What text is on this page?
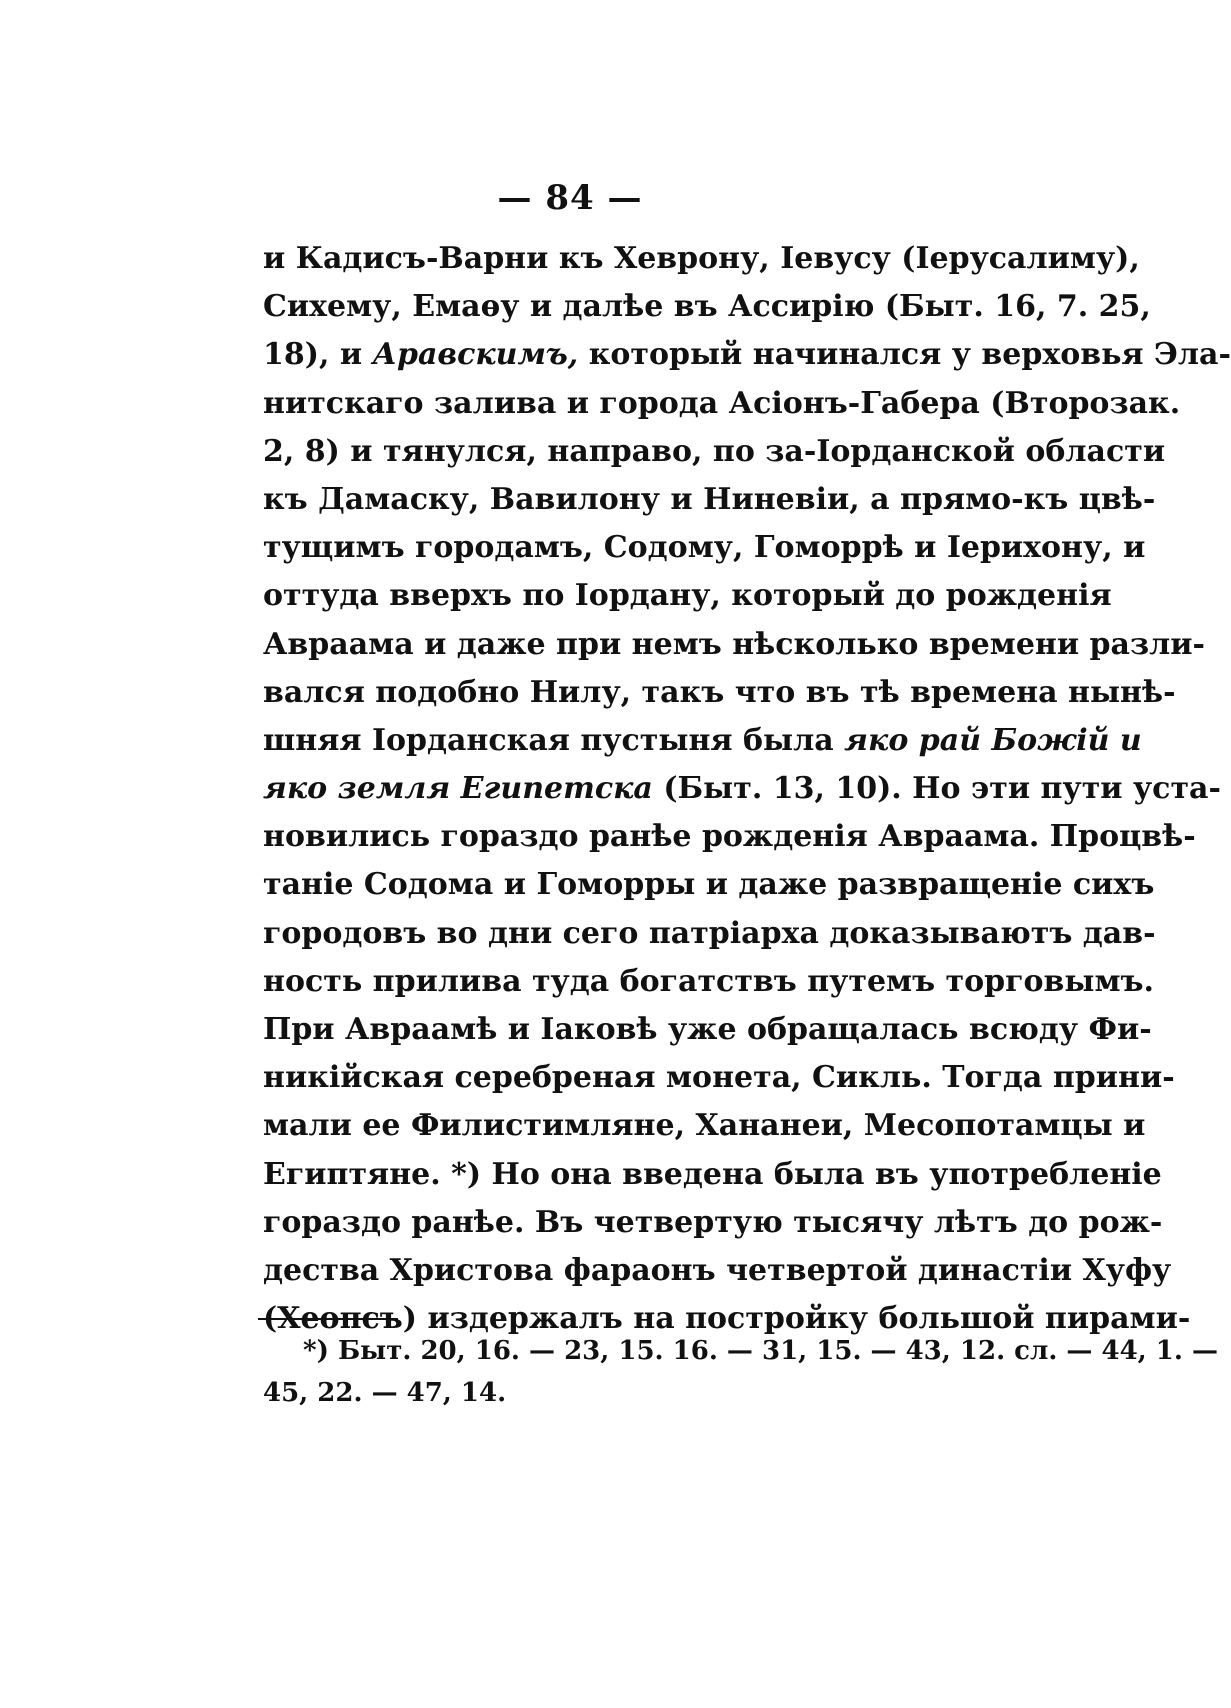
— 84 —
и Кадисъ-Варни къ Хеврону, Іевусу (Іерусалиму),
Сихему, Емаѳу и далѣе въ Ассирію (Быт. 16, 7. 25,
18), и Аравскимъ, который начинался у верховья Эла-
нитскаго залива и города Асіонъ-Габера (Второзак.
2, 8) и тянулся, направо, по за-Іорданской области
къ Дамаску, Вавилону и Ниневіи, а прямо-къ цвѣ-
тущимъ городамъ, Содому, Гоморрѣ и Іерихону, и
оттуда вверхъ по Іордану, который до рожденія
Авраама и даже при немъ нѣсколько времени разли-
вался подобно Нилу, такъ что въ тѣ времена нынѣ-
шняя Іорданская пустыня была яко рай Божій и
яко земля Египетска (Быт. 13, 10). Но эти пути уста-
новились гораздо ранѣе рожденія Авраама. Процвѣ-
таніе Содома и Гоморры и даже развращеніе сихъ
городовъ во дни сего патріарха доказываютъ дав-
ность прилива туда богатствъ путемъ торговымъ.
При Авраамѣ и Іаковѣ уже обращалась всюду Фи-
никійская серебреная монета, Сикль. Тогда прини-
мали ее Филистимляне, Хананеи, Месопотамцы и
Египтяне. *) Но она введена была въ употребленіе
гораздо ранѣе. Въ четвертую тысячу лѣтъ до рож-
дества Христова фараонъ четвертой династіи Хуфу
(Хеопсъ) издержалъ на постройку большой пирами-
*) Быт. 20, 16. — 23, 15. 16. — 31, 15. — 43, 12. сл. — 44, 1. —
45, 22. — 47, 14.
